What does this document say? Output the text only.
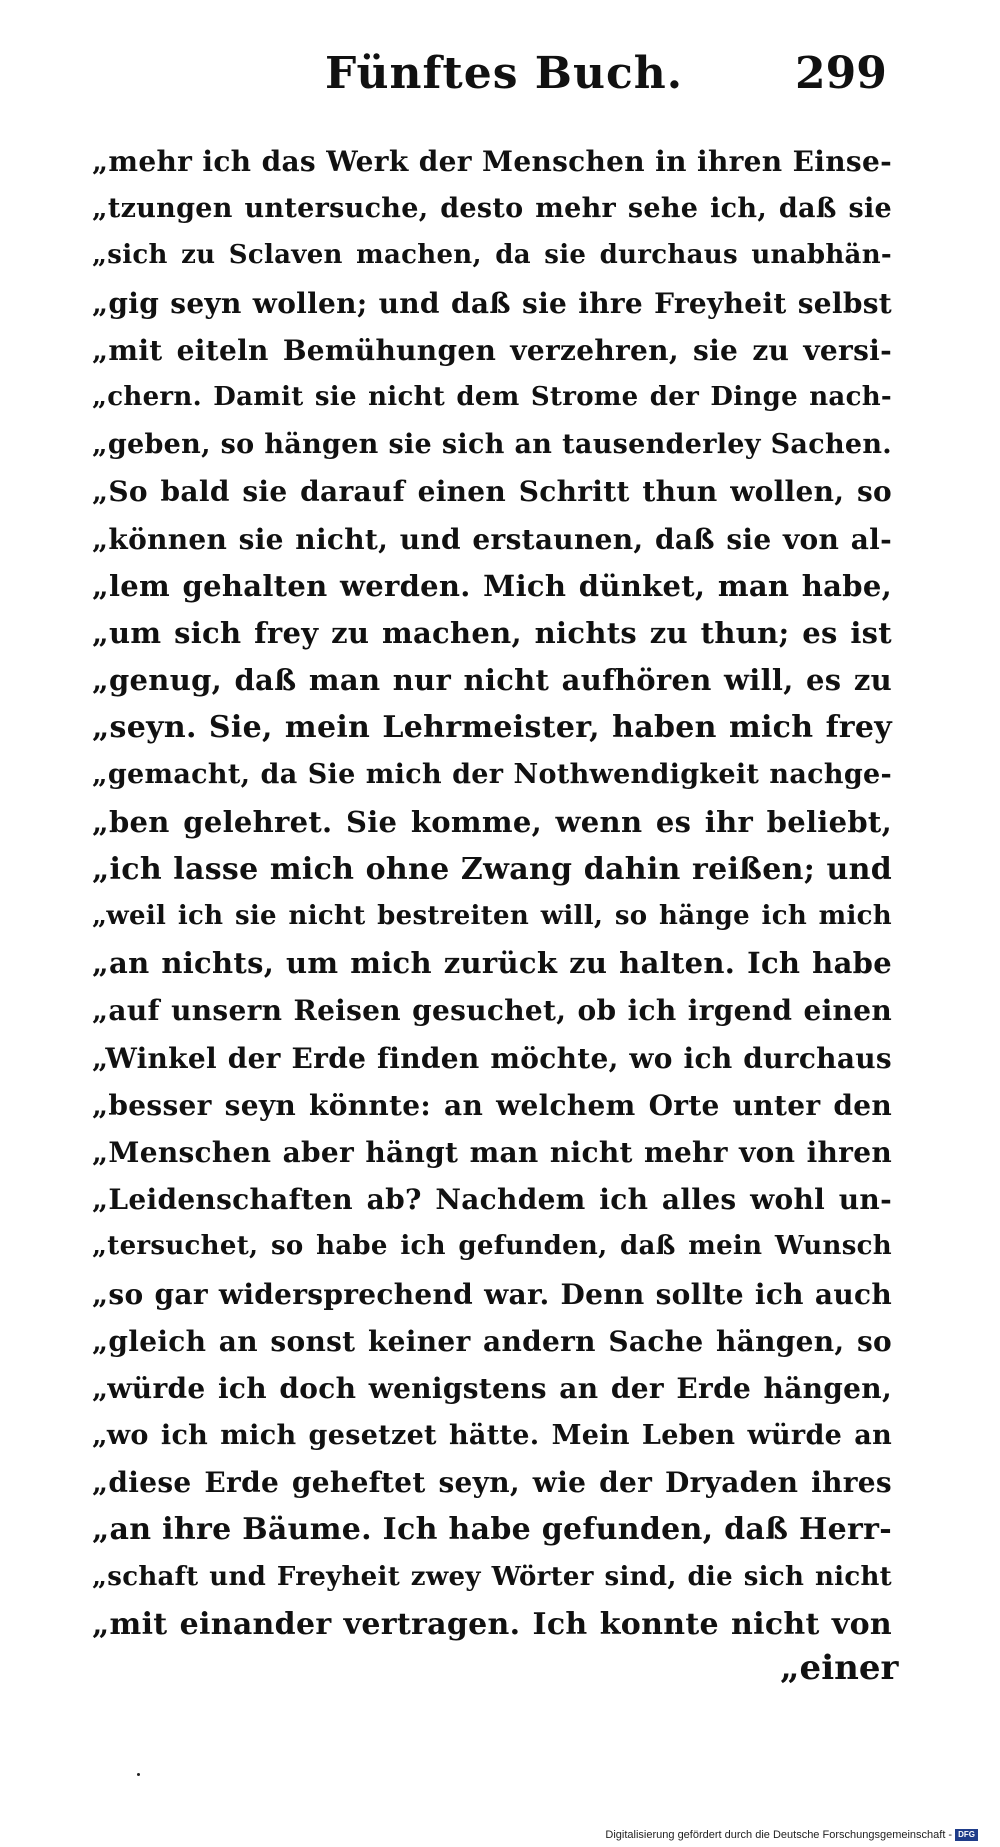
Fünftes Buch.	299
„mehr ich das Werk der Menschen in ihren Einse-
„tzungen untersuche, desto mehr sehe ich, daß sie
„sich zu Sclaven machen, da sie durchaus unabhän-
„gig seyn wollen; und daß sie ihre Freyheit selbst
„mit eiteln Bemühungen verzehren, sie zu versi-
„chern. Damit sie nicht dem Strome der Dinge nach-
„geben, so hängen sie sich an tausenderley Sachen.
„So bald sie darauf einen Schritt thun wollen, so
„können sie nicht, und erstaunen, daß sie von al-
„lem gehalten werden. Mich dünket, man habe,
„um sich frey zu machen, nichts zu thun; es ist
„genug, daß man nur nicht aufhören will, es zu
„seyn. Sie, mein Lehrmeister, haben mich frey
„gemacht, da Sie mich der Nothwendigkeit nachge-
„ben gelehret. Sie komme, wenn es ihr beliebt,
„ich lasse mich ohne Zwang dahin reißen; und
„weil ich sie nicht bestreiten will, so hänge ich mich
„an nichts, um mich zurück zu halten. Ich habe
„auf unsern Reisen gesuchet, ob ich irgend einen
„Winkel der Erde finden möchte, wo ich durchaus
„besser seyn könnte: an welchem Orte unter den
„Menschen aber hängt man nicht mehr von ihren
„Leidenschaften ab? Nachdem ich alles wohl un-
„tersuchet, so habe ich gefunden, daß mein Wunsch
„so gar widersprechend war. Denn sollte ich auch
„gleich an sonst keiner andern Sache hängen, so
„würde ich doch wenigstens an der Erde hängen,
„wo ich mich gesetzet hätte. Mein Leben würde an
„diese Erde geheftet seyn, wie der Dryaden ihres
„an ihre Bäume. Ich habe gefunden, daß Herr-
„schaft und Freyheit zwey Wörter sind, die sich nicht
„mit einander vertragen. Ich konnte nicht von
„einer
Digitalisierung gefördert durch die Deutsche Forschungsgemeinschaft - DFG
